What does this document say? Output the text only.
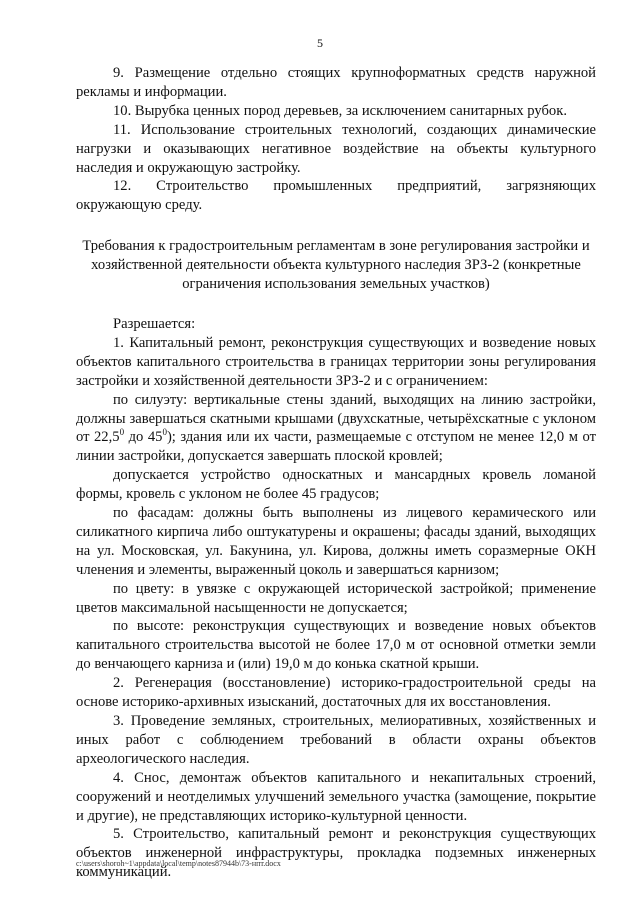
5

9. Размещение отдельно стоящих крупноформатных средств наружной рекламы и информации.

10. Вырубка ценных пород деревьев, за исключением санитарных рубок.

11. Использование строительных технологий, создающих динамические нагрузки и оказывающих негативное воздействие на объекты культурного наследия и окружающую застройку.

12. Строительство промышленных предприятий, загрязняющих окружающую среду.

Требования к градостроительным регламентам в зоне регулирования застройки и хозяйственной деятельности объекта культурного наследия ЗРЗ-2 (конкретные ограничения использования земельных участков)

Разрешается:

1. Капитальный ремонт, реконструкция существующих и возведение новых объектов капитального строительства в границах территории зоны регулирования застройки и хозяйственной деятельности ЗРЗ-2 и с ограничением:

по силуэту: вертикальные стены зданий, выходящих на линию застройки, должны завершаться скатными крышами (двухскатные, четырёхскатные с уклоном от 22,5$^0$ до $45^0$); здания или их части, размещаемые с отступом не менее 12,0 м от линии застройки, допускается завершать плоской кровлей;

допускается устройство односкатных и мансардных кровель ломаной формы, кровель с уклоном не более 45 градусов;

по фасадам: должны быть выполнены из лицевого керамического или силикатного кирпича либо оштукатурены и окрашены; фасады зданий, выходящих на ул. Московская, ул. Бакунина, ул. Кирова, должны иметь соразмерные ОКН членения и элементы, выраженный цоколь и завершаться карнизом;

по цвету: в увязке с окружающей исторической застройкой; применение цветов максимальной насыщенности не допускается;

по высоте: реконструкция существующих и возведение новых объектов капитального строительства высотой не более 17,0 м от основной отметки земли до венчающего карниза и (или) 19,0 м до конька скатной крыши.

2. Регенерация (восстановление) историко-градостроительной среды на основе историко-архивных изысканий, достаточных для их восстановления.

3. Проведение земляных, строительных, мелиоративных, хозяйственных и иных работ с соблюдением требований в области охраны объектов археологического наследия.

4. Снос, демонтаж объектов капитального и некапитальных строений, сооружений и неотделимых улучшений земельного участка (замощение, покрытие и другие), не представляющих историко-культурной ценности.

5. Строительство, капитальный ремонт и реконструкция существующих объектов инженерной инфраструктуры, прокладка подземных инженерных коммуникаций.

c:\users\shoroh~1\appdata\local\temp\notes87944b\73-нпт.docx
